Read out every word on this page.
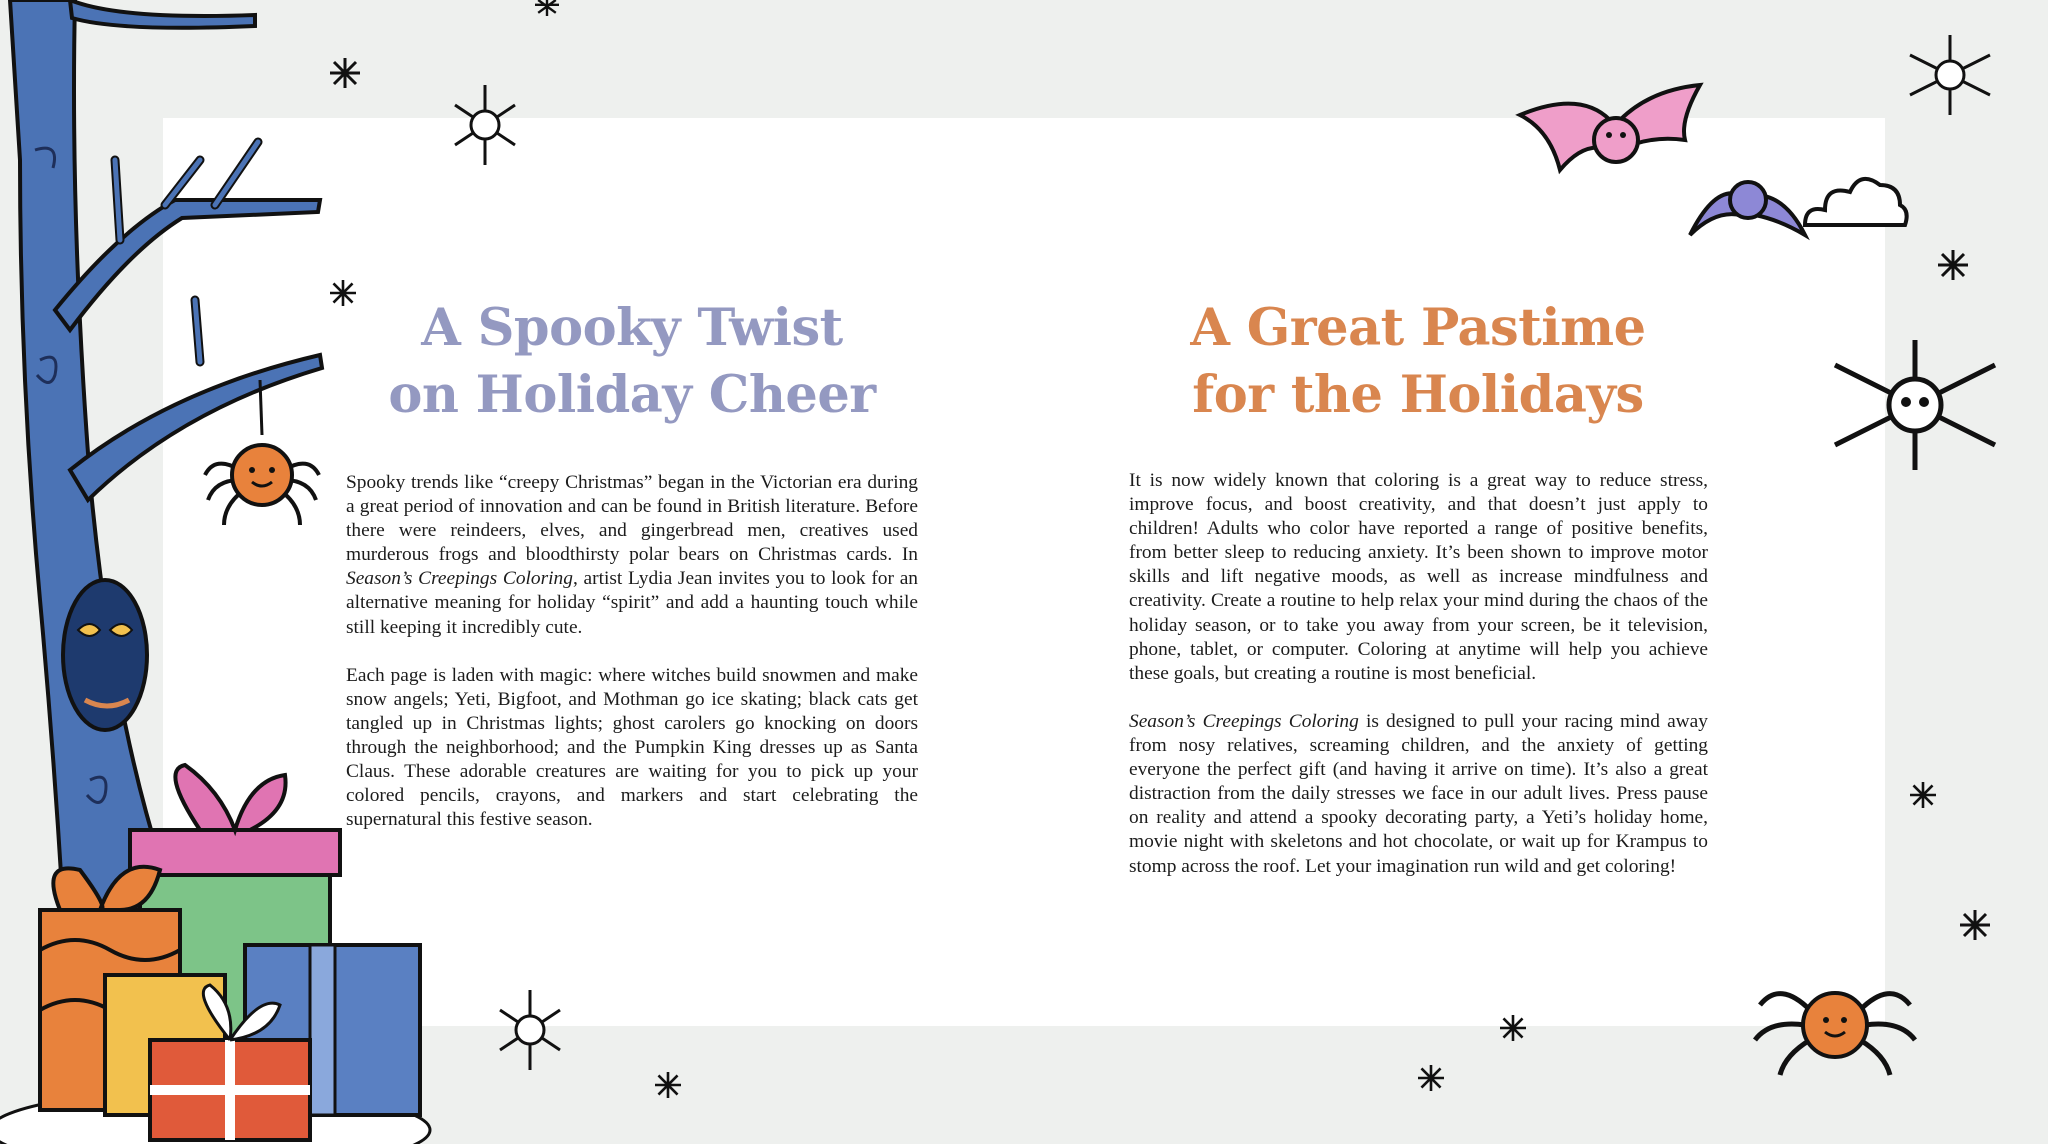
A Spooky Twist
on Holiday Cheer

Spooky trends like “creepy Christmas” began in the Victorian era during a great period of innovation and can be found in British literature. Before there were reindeers, elves, and gingerbread men, creatives used murderous frogs and bloodthirsty polar bears on Christmas cards. In Season’s Creepings Coloring, artist Lydia Jean invites you to look for an alternative meaning for holiday “spirit” and add a haunting touch while still keeping it incredibly cute.

Each page is laden with magic: where witches build snowmen and make snow angels; Yeti, Bigfoot, and Mothman go ice skating; black cats get tangled up in Christmas lights; ghost carolers go knocking on doors through the neighborhood; and the Pumpkin King dresses up as Santa Claus. These adorable creatures are waiting for you to pick up your colored pencils, crayons, and markers and start celebrating the supernatural this festive season.

A Great Pastime
for the Holidays

It is now widely known that coloring is a great way to reduce stress, improve focus, and boost creativity, and that doesn’t just apply to children! Adults who color have reported a range of positive benefits, from better sleep to reducing anxiety. It’s been shown to improve motor skills and lift negative moods, as well as increase mindfulness and creativity. Create a routine to help relax your mind during the chaos of the holiday season, or to take you away from your screen, be it television, phone, tablet, or computer. Coloring at anytime will help you achieve these goals, but creating a routine is most beneficial.

Season’s Creepings Coloring is designed to pull your racing mind away from nosy relatives, screaming children, and the anxiety of getting everyone the perfect gift (and having it arrive on time). It’s also a great distraction from the daily stresses we face in our adult lives. Press pause on reality and attend a spooky decorating party, a Yeti’s holiday home, movie night with skeletons and hot chocolate, or wait up for Krampus to stomp across the roof. Let your imagination run wild and get coloring!
